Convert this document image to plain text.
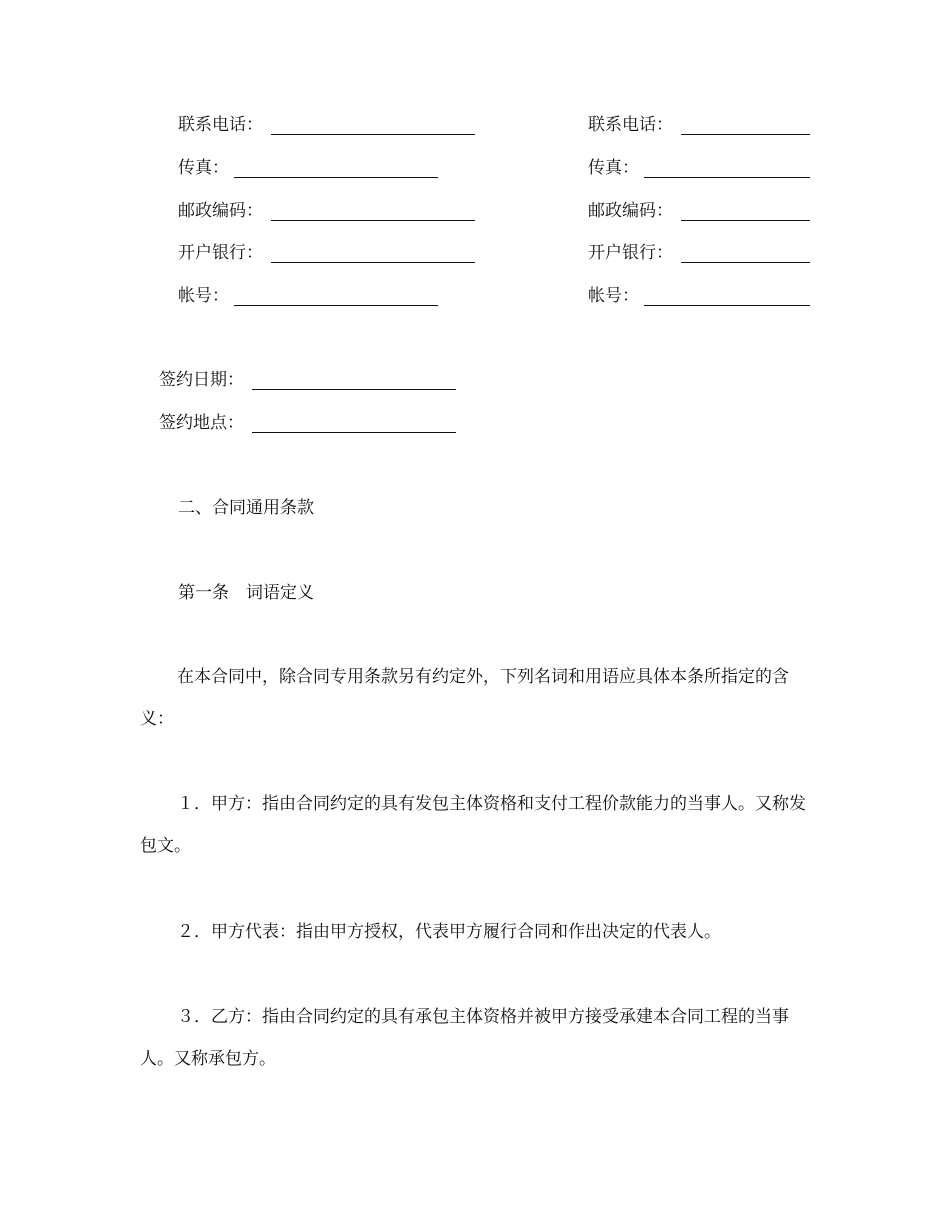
联系电话：
传真：
邮政编码：
开户银行：
帐号：
联系电话：
传真：
邮政编码：
开户银行：
帐号：
签约日期：
签约地点：
二、合同通用条款
第一条　词语定义
在本合同中，除合同专用条款另有约定外，下列名词和用语应具体本条所指定的含义：
１．甲方：指由合同约定的具有发包主体资格和支付工程价款能力的当事人。又称发包文。
２．甲方代表：指由甲方授权，代表甲方履行合同和作出决定的代表人。
３．乙方：指由合同约定的具有承包主体资格并被甲方接受承建本合同工程的当事人。又称承包方。
